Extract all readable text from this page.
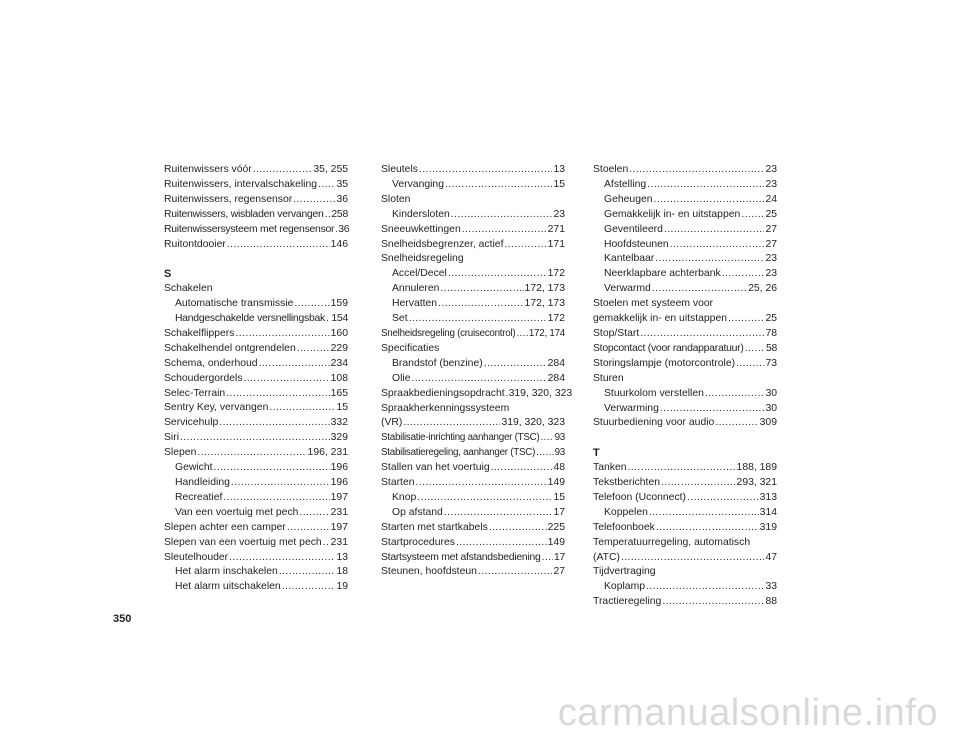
Ruitenwissers vóór .....	35, 255
Ruitenwissers, intervalschakeling ..... 35
Ruitenwissers, regensensor .....	36
Ruitenwissers, wisbladen vervangen ..... 258
Ruitenwissersysteem met regensensor ..... 36
Ruitontdooier .....	146
S
Schakelen
Automatische transmissie .....	159
Handgeschakelde versnellingsbak ..... 154
Schakelflippers .....	160
Schakelhendel ontgrendelen .....	229
Schema, onderhoud .....	234
Schoudergordels .....	108
Selec-Terrain .....	165
Sentry Key, vervangen .....	15
Servicehulp .....	332
Siri .....	329
Slepen .....	196, 231
Gewicht .....	196
Handleiding .....	196
Recreatief .....	197
Van een voertuig met pech .....	231
Slepen achter een camper .....	197
Slepen van een voertuig met pech ..... 231
Sleutelhouder .....	13
Het alarm inschakelen .....	18
Het alarm uitschakelen .....	19
Sleutels .....	13
Vervanging .....	15
Sloten
Kindersloten .....	23
Sneeuwkettingen .....	271
Snelheidsbegrenzer, actief .....	171
Snelheidsregeling
Accel/Decel .....	172
Annuleren .....	172, 173
Hervatten .....	172, 173
Set .....	172
Snelheidsregeling (cruisecontrol) ..... 172, 174
Specificaties
Brandstof (benzine) .....	284
Olie .....	284
Spraakbedieningsopdracht ..... 319, 320, 323
Spraakherkenningssysteem
(VR) .....	319, 320, 323
Stabilisatie-inrichting aanhanger (TSC) ..... 93
Stabilisatieregeling, aanhanger (TSC) ..... 93
Stallen van het voertuig .....	48
Starten .....	149
Knop .....	15
Op afstand .....	17
Starten met startkabels .....	225
Startprocedures .....	149
Startsysteem met afstandsbediening ..... 17
Steunen, hoofdsteun .....	27
Stoelen .....	23
Afstelling .....	23
Geheugen .....	24
Gemakkelijk in- en uitstappen ..... 25
Geventileerd .....	27
Hoofdsteunen .....	27
Kantelbaar .....	23
Neerklapbare achterbank .....	23
Verwarmd .....	25, 26
Stoelen met systeem voor
gemakkelijk in- en uitstappen .....	25
Stop/Start .....	78
Stopcontact (voor randapparatuur) ..... 58
Storingslampje (motorcontrole) .....	73
Sturen
Stuurkolom verstellen .....	30
Verwarming .....	30
Stuurbediening voor audio .....	309
T
Tanken .....	188, 189
Tekstberichten .....	293, 321
Telefoon (Uconnect) .....	313
Koppelen .....	314
Telefoonboek .....	319
Temperatuurregeling, automatisch
(ATC) .....	47
Tijdvertraging
Koplamp .....	33
Tractieregeling .....	88
350
carmanualsonline.info
